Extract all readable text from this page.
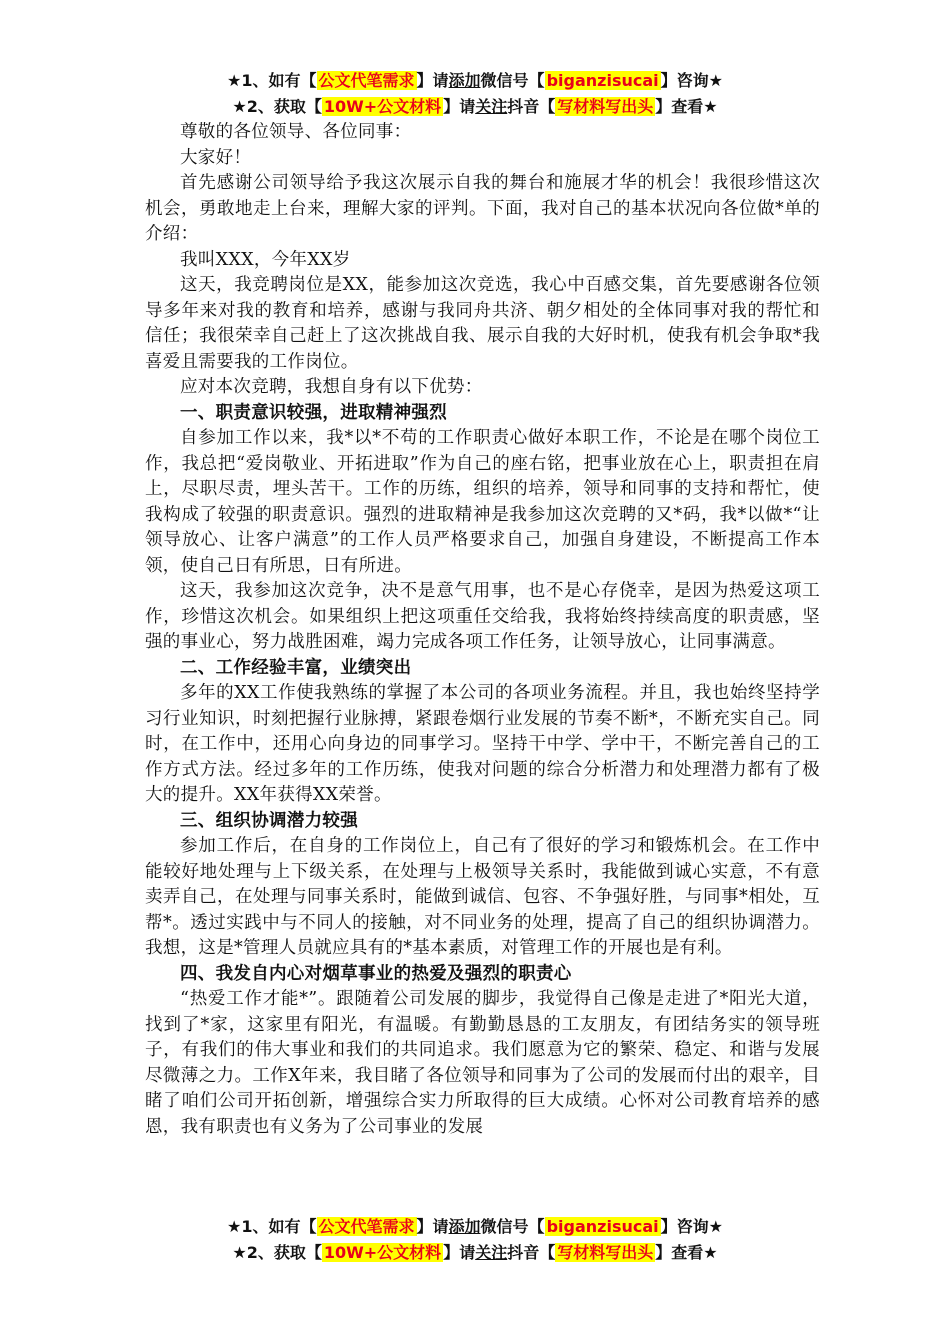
★1、如有【 公文代笔需求 】请添加微信号【 biganzisucai 】咨询★
★2、获取【 10W+公文材料 】请关注抖音【 写材料写出头 】查看★

尊敬的各位领导、各位同事：

大家好！

首先感谢公司领导给予我这次展示自我的舞台和施展才华的机会！我很珍惜这次机会，勇敢地走上台来，理解大家的评判。下面，我对自己的基本状况向各位做*单的介绍：

我叫XXX，今年XX岁

这天，我竞聘岗位是XX，能参加这次竞选，我心中百感交集，首先要感谢各位领导多年来对我的教育和培养，感谢与我同舟共济、朝夕相处的全体同事对我的帮忙和信任；我很荣幸自己赶上了这次挑战自我、展示自我的大好时机，使我有机会争取*我喜爱且需要我的工作岗位。

应对本次竞聘，我想自身有以下优势：

一、职责意识较强，进取精神强烈

自参加工作以来，我*以*不苟的工作职责心做好本职工作，不论是在哪个岗位工作，我总把“爱岗敬业、开拓进取”作为自己的座右铭，把事业放在心上，职责担在肩上，尽职尽责，埋头苦干。工作的历练，组织的培养，领导和同事的支持和帮忙，使我构成了较强的职责意识。强烈的进取精神是我参加这次竞聘的又*码，我*以做*“让领导放心、让客户满意”的工作人员严格要求自己，加强自身建设，不断提高工作本领，使自己日有所思，日有所进。

这天，我参加这次竞争，决不是意气用事，也不是心存侥幸，是因为热爱这项工作，珍惜这次机会。如果组织上把这项重任交给我，我将始终持续高度的职责感，坚强的事业心，努力战胜困难，竭力完成各项工作任务，让领导放心，让同事满意。

二、工作经验丰富，业绩突出

多年的XX工作使我熟练的掌握了本公司的各项业务流程。并且，我也始终坚持学习行业知识，时刻把握行业脉搏，紧跟卷烟行业发展的节奏不断*，不断充实自己。同时，在工作中，还用心向身边的同事学习。坚持干中学、学中干，不断完善自己的工作方式方法。经过多年的工作历练，使我对问题的综合分析潜力和处理潜力都有了极大的提升。XX年获得XX荣誉。

三、组织协调潜力较强

参加工作后，在自身的工作岗位上，自己有了很好的学习和锻炼机会。在工作中能较好地处理与上下级关系，在处理与上极领导关系时，我能做到诚心实意，不有意卖弄自己，在处理与同事关系时，能做到诚信、包容、不争强好胜，与同事*相处，互帮*。透过实践中与不同人的接触，对不同业务的处理，提高了自己的组织协调潜力。我想，这是*管理人员就应具有的*基本素质，对管理工作的开展也是有利。

四、我发自内心对烟草事业的热爱及强烈的职责心

“热爱工作才能*”。跟随着公司发展的脚步，我觉得自己像是走进了*阳光大道，找到了*家，这家里有阳光，有温暖。有勤勤恳恳的工友朋友，有团结务实的领导班子，有我们的伟大事业和我们的共同追求。我们愿意为它的繁荣、稳定、和谐与发展尽微薄之力。工作X年来，我目睹了各位领导和同事为了公司的发展而付出的艰辛，目睹了咱们公司开拓创新，增强综合实力所取得的巨大成绩。心怀对公司教育培养的感恩，我有职责也有义务为了公司事业的发展

★1、如有【 公文代笔需求 】请添加微信号【 biganzisucai 】咨询★
★2、获取【 10W+公文材料 】请关注抖音【 写材料写出头 】查看★
